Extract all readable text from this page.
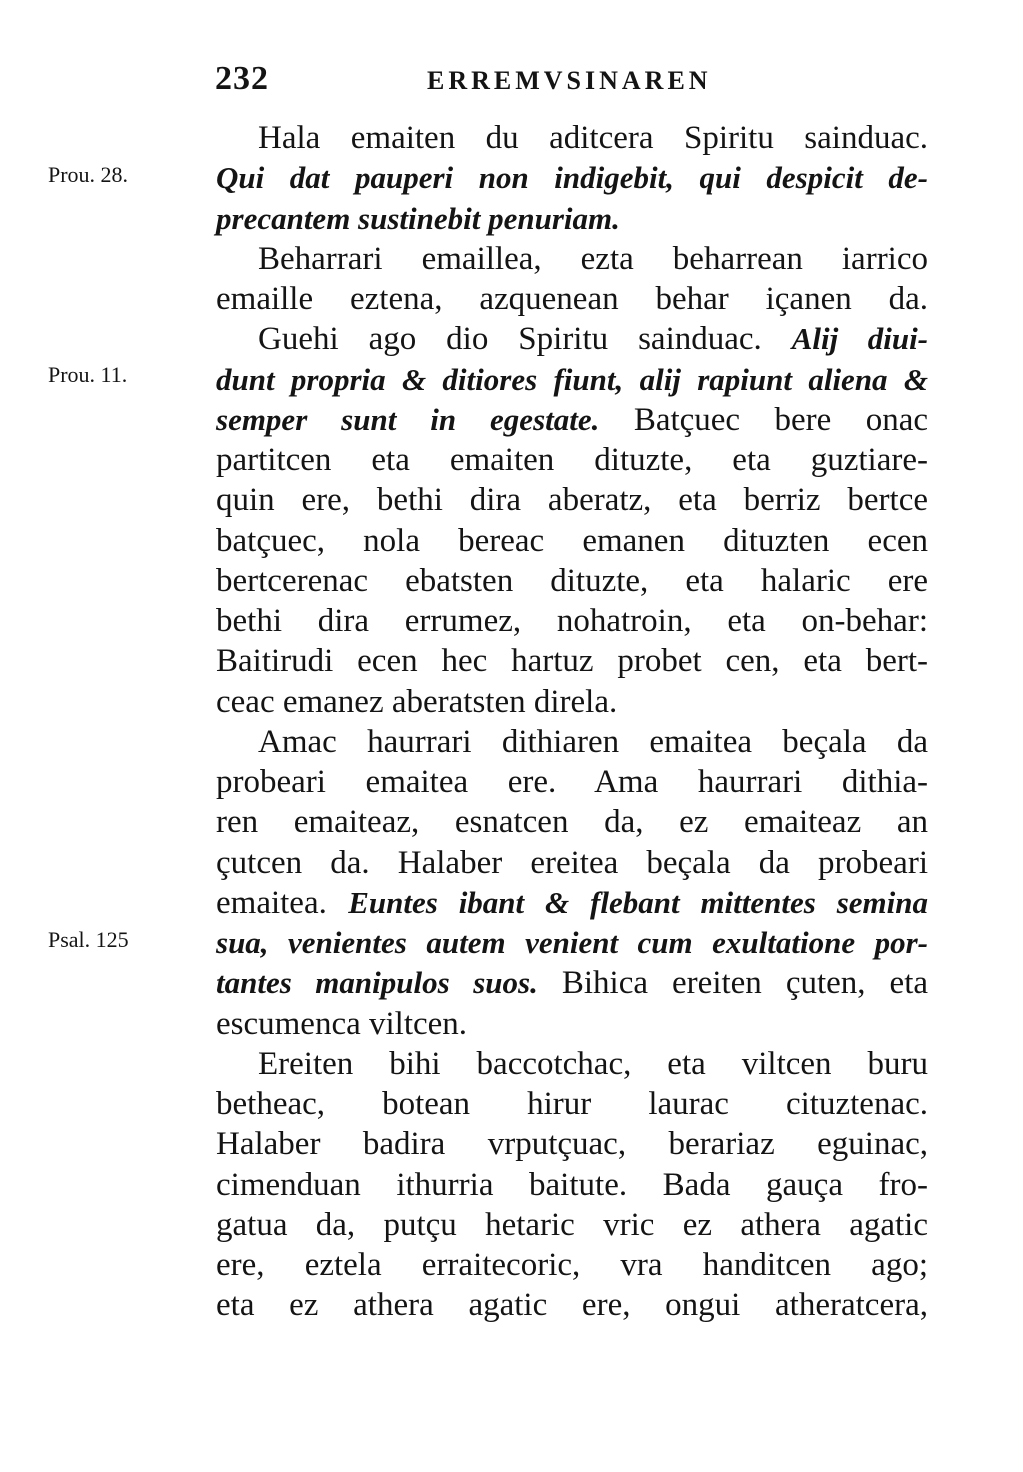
232	ERREMVSINAREN
Prou. 28.
Prou. 11.
Psal. 125
Hala emaiten du aditcera Spiritu sainduac.
Qui dat pauperi non indigebit, qui despicit de-
precantem sustinebit penuriam.
Beharrari emaillea, ezta beharrean iarrico
emaille eztena, azquenean behar içanen da.
Guehi ago dio Spiritu sainduac. Alij diui-
dunt propria & ditiores fiunt, alij rapiunt aliena &
semper sunt in egestate. Batçuec bere onac
partitcen eta emaiten dituzte, eta guztiare-
quin ere, bethi dira aberatz, eta berriz bertce
batçuec, nola bereac emanen dituzten ecen
bertcerenac ebatsten dituzte, eta halaric ere
bethi dira errumez, nohatroin, eta on-behar:
Baitirudi ecen hec hartuz probet cen, eta bert-
ceac emanez aberatsten direla.
Amac haurrari dithiaren emaitea beçala da
probeari emaitea ere. Ama haurrari dithia-
ren emaiteaz, esnatcen da, ez emaiteaz an
çutcen da. Halaber ereitea beçala da probeari
emaitea. Euntes ibant & flebant mittentes semina
sua, venientes autem venient cum exultatione por-
tantes manipulos suos. Bihica ereiten çuten, eta
escumenca viltcen.
Ereiten bihi baccotchac, eta viltcen buru
betheac, botean hirur laurac cituztenac.
Halaber badira vrputçuac, berariaz eguinac,
cimenduan ithurria baitute. Bada gauça fro-
gatua da, putçu hetaric vric ez athera agatic
ere, eztela erraitecoric, vra handitcen ago;
eta ez athera agatic ere, ongui atheratcera,
